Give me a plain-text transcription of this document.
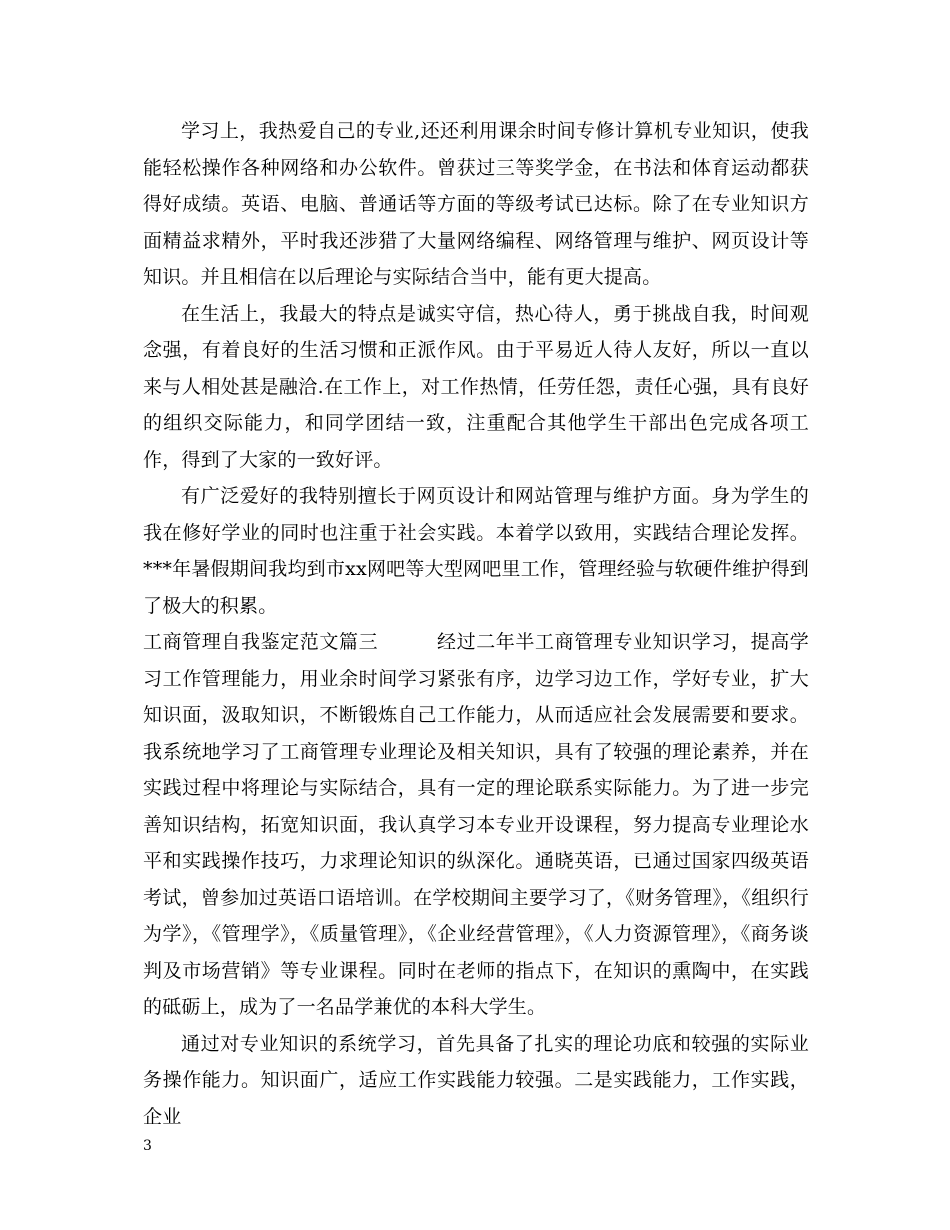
学习上，我热爱自己的专业,还还利用课余时间专修计算机专业知识，使我能轻松操作各种网络和办公软件。曾获过三等奖学金，在书法和体育运动都获得好成绩。英语、电脑、普通话等方面的等级考试已达标。除了在专业知识方面精益求精外，平时我还涉猎了大量网络编程、网络管理与维护、网页设计等知识。并且相信在以后理论与实际结合当中，能有更大提高。

在生活上，我最大的特点是诚实守信，热心待人，勇于挑战自我，时间观念强，有着良好的生活习惯和正派作风。由于平易近人待人友好，所以一直以来与人相处甚是融洽.在工作上，对工作热情，任劳任怨，责任心强，具有良好的组织交际能力，和同学团结一致，注重配合其他学生干部出色完成各项工作，得到了大家的一致好评。

有广泛爱好的我特别擅长于网页设计和网站管理与维护方面。身为学生的我在修好学业的同时也注重于社会实践。本着学以致用，实践结合理论发挥。***年暑假期间我均到市xx网吧等大型网吧里工作，管理经验与软硬件维护得到了极大的积累。

工商管理自我鉴定范文篇三　　　经过二年半工商管理专业知识学习，提高学习工作管理能力，用业余时间学习紧张有序，边学习边工作，学好专业，扩大知识面，汲取知识，不断锻炼自己工作能力，从而适应社会发展需要和要求。我系统地学习了工商管理专业理论及相关知识，具有了较强的理论素养，并在实践过程中将理论与实际结合，具有一定的理论联系实际能力。为了进一步完善知识结构，拓宽知识面，我认真学习本专业开设课程，努力提高专业理论水平和实践操作技巧，力求理论知识的纵深化。通晓英语，已通过国家四级英语考试，曾参加过英语口语培训。在学校期间主要学习了，《财务管理》，《组织行为学》，《管理学》，《质量管理》，《企业经营管理》，《人力资源管理》，《商务谈判及市场营销》等专业课程。同时在老师的指点下，在知识的熏陶中，在实践的砥砺上，成为了一名品学兼优的本科大学生。

通过对专业知识的系统学习，首先具备了扎实的理论功底和较强的实际业务操作能力。知识面广，适应工作实践能力较强。二是实践能力，工作实践，企业

3
